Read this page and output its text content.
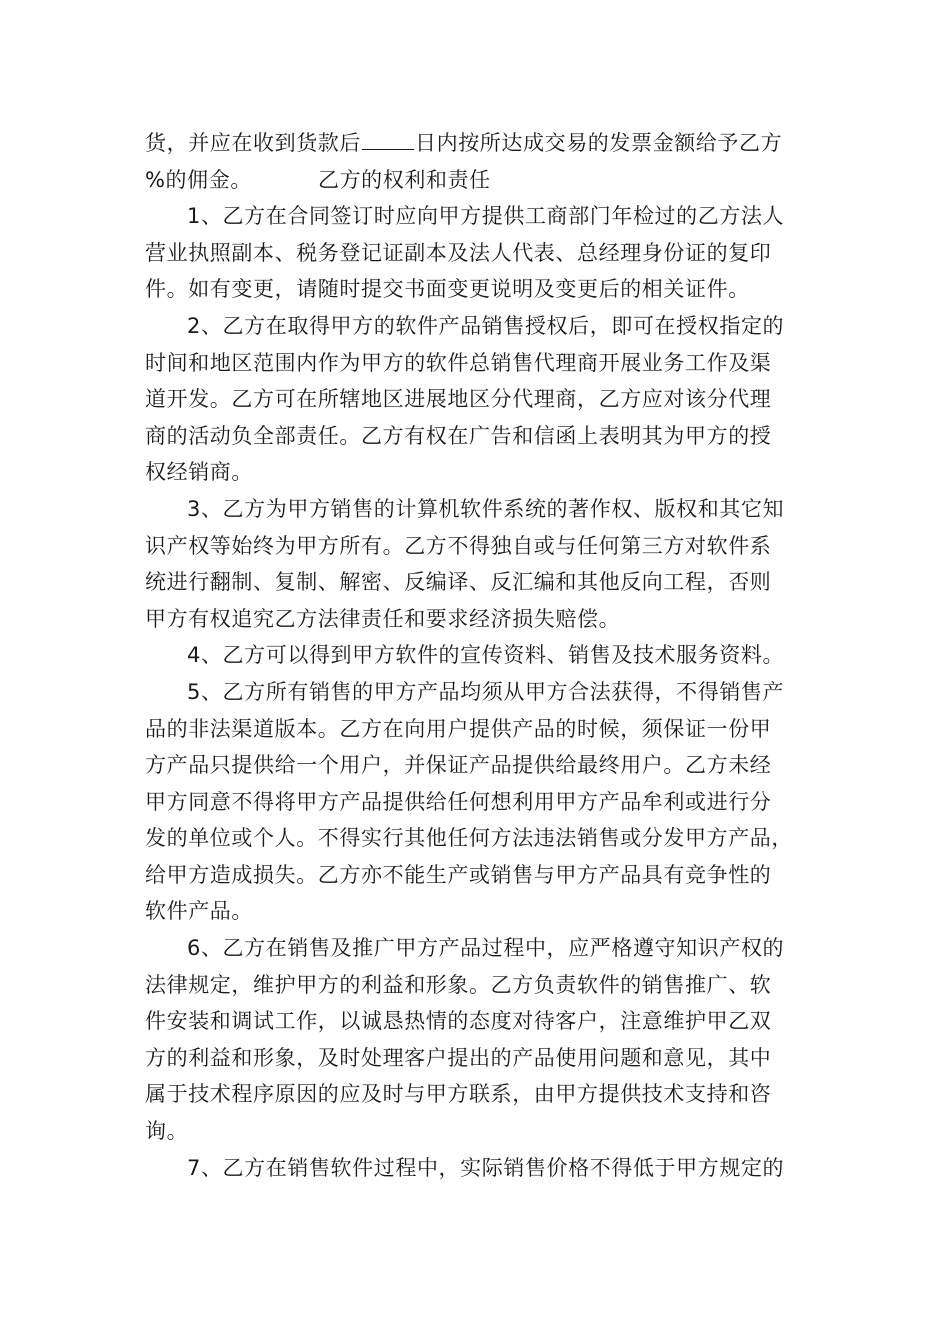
货，并应在收到货款后	日内按所达成交易的发票金额给予乙方
%的佣金。	乙方的权利和责任
1、乙方在合同签订时应向甲方提供工商部门年检过的乙方法人
营业执照副本、税务登记证副本及法人代表、总经理身份证的复印
件。如有变更，请随时提交书面变更说明及变更后的相关证件。
2、乙方在取得甲方的软件产品销售授权后，即可在授权指定的
时间和地区范围内作为甲方的软件总销售代理商开展业务工作及渠
道开发。乙方可在所辖地区进展地区分代理商，乙方应对该分代理
商的活动负全部责任。乙方有权在广告和信函上表明其为甲方的授
权经销商。
3、乙方为甲方销售的计算机软件系统的著作权、版权和其它知
识产权等始终为甲方所有。乙方不得独自或与任何第三方对软件系
统进行翻制、复制、解密、反编译、反汇编和其他反向工程，否则
甲方有权追究乙方法律责任和要求经济损失赔偿。
4、乙方可以得到甲方软件的宣传资料、销售及技术服务资料。
5、乙方所有销售的甲方产品均须从甲方合法获得，不得销售产
品的非法渠道版本。乙方在向用户提供产品的时候，须保证一份甲
方产品只提供给一个用户，并保证产品提供给最终用户。乙方未经
甲方同意不得将甲方产品提供给任何想利用甲方产品牟利或进行分
发的单位或个人。不得实行其他任何方法违法销售或分发甲方产品，
给甲方造成损失。乙方亦不能生产或销售与甲方产品具有竞争性的
软件产品。
6、乙方在销售及推广甲方产品过程中，应严格遵守知识产权的
法律规定，维护甲方的利益和形象。乙方负责软件的销售推广、软
件安装和调试工作，以诚恳热情的态度对待客户，注意维护甲乙双
方的利益和形象，及时处理客户提出的产品使用问题和意见，其中
属于技术程序原因的应及时与甲方联系，由甲方提供技术支持和咨
询。
7、乙方在销售软件过程中，实际销售价格不得低于甲方规定的
